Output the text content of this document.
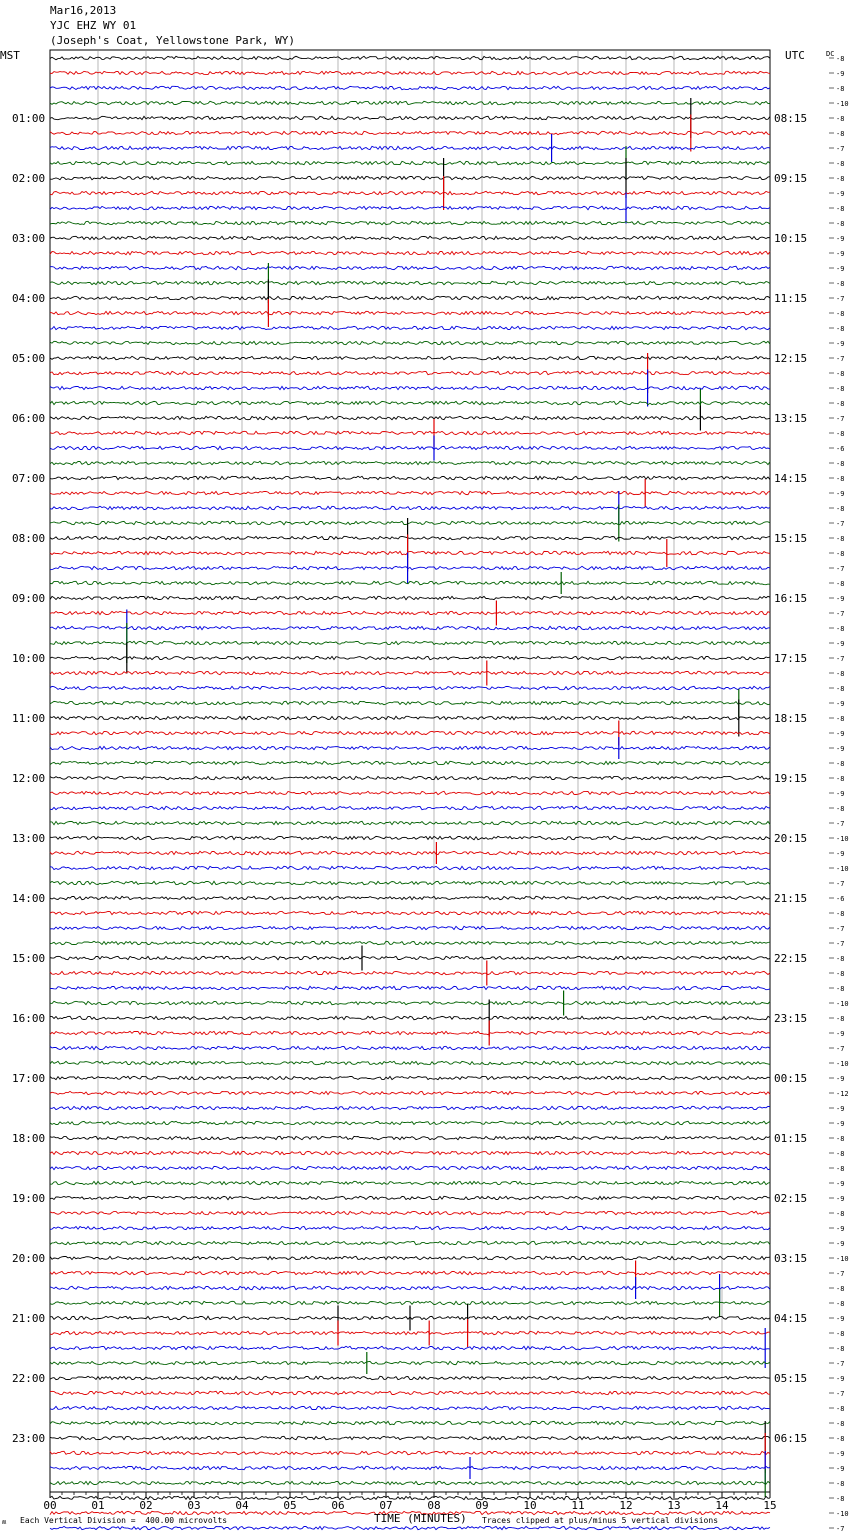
Mar16,2013
YJC EHZ WY 01
(Joseph's Coat, Yellowstone Park, WY)
MST	UTC	DC
-8
-9
-8
-10
-8
-8
-7
-8
-8
-9
-8
-8
-9
-9
-9
-8
-7
-8
-8
-9
-7
-8
-8
-8
-7
-8
-6
-8
-8
-9
-8
-7
-8
-8
-7
-8
-9
-7
-8
-9
-7
-8
-8
-9
-8
-9
-9
-8
-8
-9
-8
-7
-10
-9
-10
-7
-6
-8
-7
-7
-8
-8
-8
-10
-8
-9
-7
-10
-9
-12
-9
-9
-8
-8
-8
-9
-9
-8
-9
-9
-10
-7
-8
-8
-9
-8
-8
-7
-9
-7
-8
-8
-8
-9
-9
-8
-8
-10
-7
01:00	08:15
02:00	09:15
03:00	10:15
04:00	11:15
05:00	12:15
06:00	13:15
07:00	14:15
08:00	15:15
09:00	16:15
10:00	17:15
11:00	18:15
12:00	19:15
13:00	20:15
14:00	21:15
15:00	22:15
16:00	23:15
17:00	00:15
18:00	01:15
19:00	02:15
20:00	03:15
21:00	04:15
22:00	05:15
23:00	06:15
00	01	02	03	04	05	06	07	08	09	10	11	12	13	14	15
ʍ Each Vertical Division =  400.00 microvolts	TIME (MINUTES) Traces clipped at plus/minus 5 vertical divisions
